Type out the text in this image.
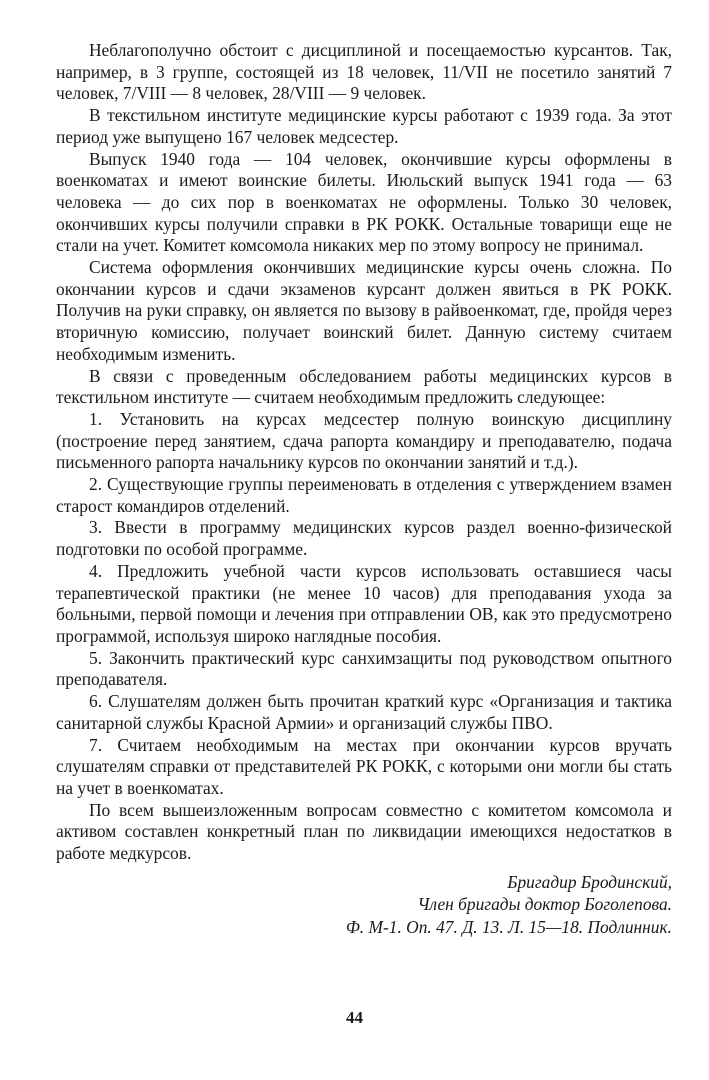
Неблагополучно обстоит с дисциплиной и посещаемостью курсантов. Так, например, в 3 группе, состоящей из 18 человек, 11/VII не посетило занятий 7 человек, 7/VIII — 8 человек, 28/VIII — 9 человек.

В текстильном институте медицинские курсы работают с 1939 года. За этот период уже выпущено 167 человек медсестер.

Выпуск 1940 года — 104 человек, окончившие курсы оформлены в военкоматах и имеют воинские билеты. Июльский выпуск 1941 года — 63 человека — до сих пор в военкоматах не оформлены. Только 30 человек, окончивших курсы получили справки в РК РОКК. Остальные товарищи еще не стали на учет. Комитет комсомола никаких мер по этому вопросу не принимал.

Система оформления окончивших медицинские курсы очень сложна. По окончании курсов и сдачи экзаменов курсант должен явиться в РК РОКК. Получив на руки справку, он является по вызову в райвоенкомат, где, пройдя через вторичную комиссию, получает воинский билет. Данную систему считаем необходимым изменить.

В связи с проведенным обследованием работы медицинских курсов в текстильном институте — считаем необходимым предложить следующее:

1. Установить на курсах медсестер полную воинскую дисциплину (построение перед занятием, сдача рапорта командиру и преподавателю, подача письменного рапорта начальнику курсов по окончании занятий и т.д.).

2. Существующие группы переименовать в отделения с утверждением взамен старост командиров отделений.

3. Ввести в программу медицинских курсов раздел военно-физической подготовки по особой программе.

4. Предложить учебной части курсов использовать оставшиеся часы терапевтической практики (не менее 10 часов) для преподавания ухода за больными, первой помощи и лечения при отправлении ОВ, как это предусмотрено программой, используя широко наглядные пособия.

5. Закончить практический курс санхимзащиты под руководством опытного преподавателя.

6. Слушателям должен быть прочитан краткий курс «Организация и тактика санитарной службы Красной Армии» и организаций службы ПВО.

7. Считаем необходимым на местах при окончании курсов вручать слушателям справки от представителей РК РОКК, с которыми они могли бы стать на учет в военкоматах.

По всем вышеизложенным вопросам совместно с комитетом комсомола и активом составлен конкретный план по ликвидации имеющихся недостатков в работе медкурсов.

Бригадир Бродинский,
Член бригады доктор Боголепова.
Ф. М-1. Оп. 47. Д. 13. Л. 15—18. Подлинник.
44
